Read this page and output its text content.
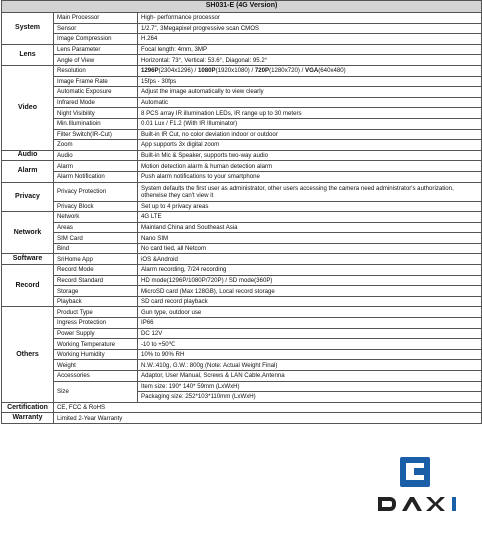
SH031-E (4G Version)		
System	Main Processor	High- performance processor
	Sensor	1/2.7", 3Megapixel progressive scan CMOS
	Image Compression	H.264
Lens	Lens Parameter	Focal length: 4mm, 3MP
	Angle of View	Horizontal: 73°, Vertical: 53.6°, Diagonal: 95.2°
Video	Resolution	1296P(2304x1296) / 1080P(1920x1080) / 720P(1280x720) / VGA(640x480)
	Image Frame Rate	15fps - 30fps
	Automatic Exposure	Adjust the image automatically to view clearly
	Infrared Mode	Automatic
	Night Visibility	8 PCS array IR illumination LEDs, IR range up to 30 meters
	Min.Illuminatioin	0.01 Lux / F1.2 (With IR Illuminator)
	Filter Switch(IR-Cut)	Built-in IR Cut, no color deviation indoor or outdoor
	Zoom	App supports 3x digital zoom
Audio	Audio	Built-in Mic & Speaker, supports two-way audio
Alarm	Alarm	Motion detection alarm & human detection alarm
	Alarm Notification	Push alarm notifications to your smartphone
Privacy	Privacy Protection	System defaults the first user as administrator, other users accessing the camera need administrator's authorization, otherwise they can't view it
	Privacy Block	Set up to 4 privacy areas
Network	Network	4G LTE
	Areas	Mainland China and Southeast Asia
	SIM Card	Nano SIM
	Bind	No card tied, all Netcom
Software	SriHome App	iOS &Android
Record	Record Mode	Alarm recording, 7/24 recording
	Record Standard	HD mode(1296P/1080P/720P) / SD mode(360P)
	Storage	MicroSD card (Max 128GB), Local record storage
	Playback	SD card record playback
Others	Product Type	Gun type, outdoor use
	Ingress Protection	IP66
	Power Supply	DC 12V
	Working Temperature	-10 to +50℃
	Working Humidity	10% to 90% RH
	Weight	N.W.:410g, G.W.: 800g (Note: Actual Weight Final)
	Accessories	Adaptor, User Manual, Screws & LAN Cable,Antenna
	Size	Item size: 190* 140* 59mm (LxWxH)
		Packaging size: 252*103*110mm (LxWxH)
Certification	CE, FCC & RoHS	
Warranty	Limited 2-Year Warranty	
